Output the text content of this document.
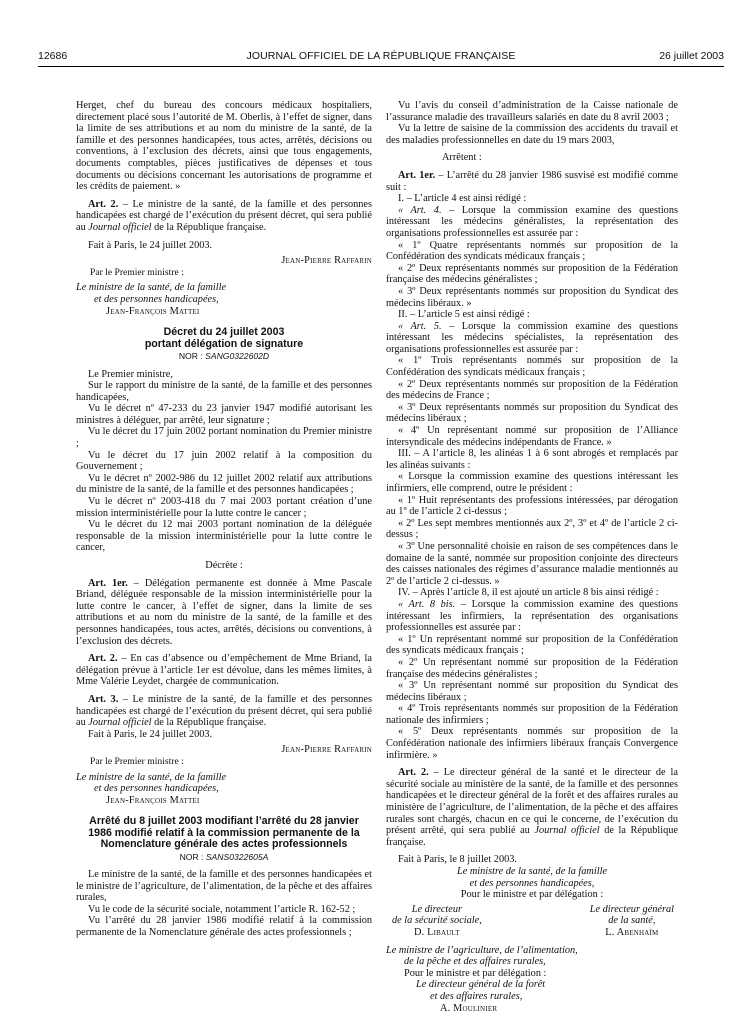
12686	JOURNAL OFFICIEL DE LA RÉPUBLIQUE FRANÇAISE	26 juillet 2003

Herget, chef du bureau des concours médicaux hospitaliers, directement placé sous l’autorité de M. Oberlis, à l’effet de signer, dans la limite de ses attributions et au nom du ministre de la santé, de la famille et des personnes handicapées, tous actes, arrêtés, décisions ou conventions, à l’exclusion des décrets, ainsi que tous engagements, documents comptables, pièces justificatives de dépenses et tous documents ou décisions concernant les autorisations de programme et les crédits de paiement. »

Art. 2. – Le ministre de la santé, de la famille et des personnes handicapées est chargé de l’exécution du présent décret, qui sera publié au Journal officiel de la République française.

Fait à Paris, le 24 juillet 2003.

Jean-Pierre Raffarin

Par le Premier ministre :

Le ministre de la santé, de la famille

et des personnes handicapées,

Jean-François Mattei

Décret du 24 juillet 2003

portant délégation de signature

NOR : SANG0322602D

Le Premier ministre,

Sur le rapport du ministre de la santé, de la famille et des personnes handicapées,

Vu le décret nº 47-233 du 23 janvier 1947 modifié autorisant les ministres à déléguer, par arrêté, leur signature ;

Vu le décret du 17 juin 2002 portant nomination du Premier ministre ;

Vu le décret du 17 juin 2002 relatif à la composition du Gouvernement ;

Vu le décret nº 2002-986 du 12 juillet 2002 relatif aux attributions du ministre de la santé, de la famille et des personnes handicapées ;

Vu le décret nº 2003-418 du 7 mai 2003 portant création d’une mission interministérielle pour la lutte contre le cancer ;

Vu le décret du 12 mai 2003 portant nomination de la déléguée responsable de la mission interministérielle pour la lutte contre le cancer,

Décrète :

Art. 1er. – Délégation permanente est donnée à Mme Pascale Briand, déléguée responsable de la mission interministérielle pour la lutte contre le cancer, à l’effet de signer, dans la limite de ses attributions et au nom du ministre de la santé, de la famille et des personnes handicapées, tous actes, arrêtés, décisions ou conventions, à l’exclusion des décrets.

Art. 2. – En cas d’absence ou d’empêchement de Mme Briand, la délégation prévue à l’article 1er est dévolue, dans les mêmes limites, à Mme Valérie Leydet, chargée de communication.

Art. 3. – Le ministre de la santé, de la famille et des personnes handicapées est chargé de l’exécution du présent décret, qui sera publié au Journal officiel de la République française.

Fait à Paris, le 24 juillet 2003.

Jean-Pierre Raffarin

Par le Premier ministre :

Le ministre de la santé, de la famille

et des personnes handicapées,

Jean-François Mattei

Arrêté du 8 juillet 2003 modifiant l’arrêté du 28 janvier

1986 modifié relatif à la commission permanente de la

Nomenclature générale des actes professionnels

NOR : SANS0322605A

Le ministre de la santé, de la famille et des personnes handicapées et le ministre de l’agriculture, de l’alimentation, de la pêche et des affaires rurales,

Vu le code de la sécurité sociale, notamment l’article R. 162-52 ;

Vu l’arrêté du 28 janvier 1986 modifié relatif à la commission permanente de la Nomenclature générale des actes professionnels ;

Vu l’avis du conseil d’administration de la Caisse nationale de l’assurance maladie des travailleurs salariés en date du 8 avril 2003 ;

Vu la lettre de saisine de la commission des accidents du travail et des maladies professionnelles en date du 19 mars 2003,

Arrêtent :

Art. 1er. – L’arrêté du 28 janvier 1986 susvisé est modifié comme suit :

I. – L’article 4 est ainsi rédigé :

« Art. 4. – Lorsque la commission examine des questions intéressant les médecins généralistes, la représentation des organisations professionnelles est assurée par :

« 1º Quatre représentants nommés sur proposition de la Confédération des syndicats médicaux français ;

« 2º Deux représentants nommés sur proposition de la Fédération française des médecins généralistes ;

« 3º Deux représentants nommés sur proposition du Syndicat des médecins libéraux. »

II. – L’article 5 est ainsi rédigé :

« Art. 5. – Lorsque la commission examine des questions intéressant les médecins spécialistes, la représentation des organisations professionnelles est assurée par :

« 1º Trois représentants nommés sur proposition de la Confédération des syndicats médicaux français ;

« 2º Deux représentants nommés sur proposition de la Fédération des médecins de France ;

« 3º Deux représentants nommés sur proposition du Syndicat des médecins libéraux ;

« 4º Un représentant nommé sur proposition de l’Alliance intersyndicale des médecins indépendants de France. »

III. – A l’article 8, les alinéas 1 à 6 sont abrogés et remplacés par les alinéas suivants :

« Lorsque la commission examine des questions intéressant les infirmiers, elle comprend, outre le président :

« 1º Huit représentants des professions intéressées, par dérogation au 1º de l’article 2 ci-dessus ;

« 2º Les sept membres mentionnés aux 2º, 3º et 4º de l’article 2 ci-dessus ;

« 3º Une personnalité choisie en raison de ses compétences dans le domaine de la santé, nommée sur proposition conjointe des directeurs des caisses nationales des régimes d’assurance maladie mentionnés au 2º de l’article 2 ci-dessus. »

IV. – Après l’article 8, il est ajouté un article 8 bis ainsi rédigé :

« Art. 8 bis. – Lorsque la commission examine des questions intéressant les infirmiers, la représentation des organisations professionnelles est assurée par :

« 1º Un représentant nommé sur proposition de la Confédération des syndicats médicaux français ;

« 2º Un représentant nommé sur proposition de la Fédération française des médecins généralistes ;

« 3º Un représentant nommé sur proposition du Syndicat des médecins libéraux ;

« 4º Trois représentants nommés sur proposition de la Fédération nationale des infirmiers ;

« 5º Deux représentants nommés sur proposition de la Confédération nationale des infirmiers libéraux français Convergence infirmière. »

Art. 2. – Le directeur général de la santé et le directeur de la sécurité sociale au ministère de la santé, de la famille et des personnes handicapées et le directeur général de la forêt et des affaires rurales au ministère de l’agriculture, de l’alimentation, de la pêche et des affaires rurales sont chargés, chacun en ce qui le concerne, de l’exécution du présent arrêté, qui sera publié au Journal officiel de la République française.

Fait à Paris, le 8 juillet 2003.

Le ministre de la santé, de la famille

et des personnes handicapées,

Pour le ministre et par délégation :

Le directeur
de la sécurité sociale,
D. Libault
Le directeur général
de la santé,
L. Abenhaïm

Le ministre de l’agriculture, de l’alimentation,

de la pêche et des affaires rurales,

Pour le ministre et par délégation :

Le directeur général de la forêt

et des affaires rurales,

A. Moulinier
